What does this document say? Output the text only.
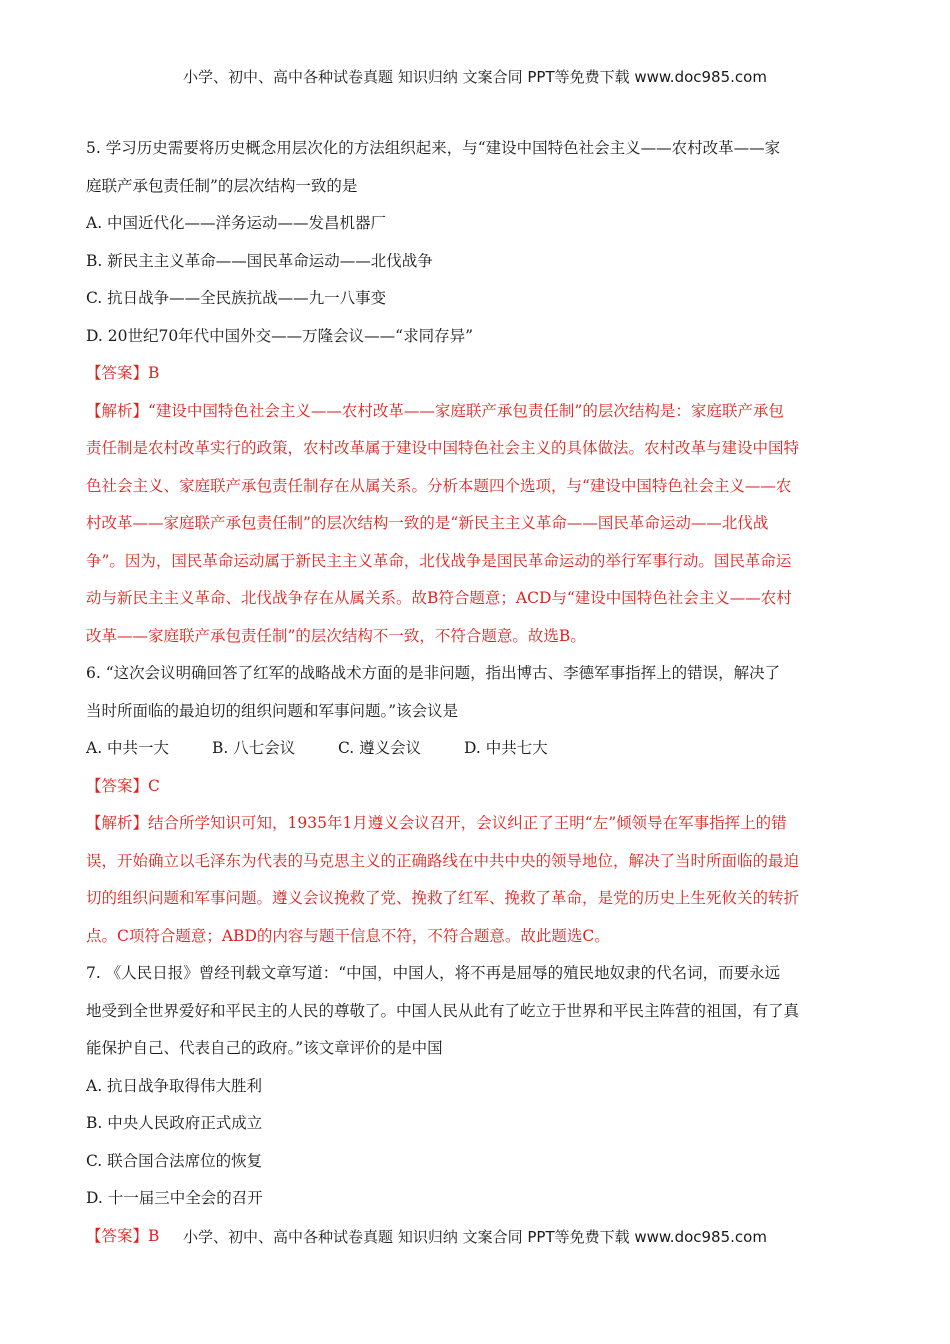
小学、初中、高中各种试卷真题 知识归纳 文案合同 PPT等免费下载 www.doc985.com
5. 学习历史需要将历史概念用层次化的方法组织起来，与“建设中国特色社会主义——农村改革——家
庭联产承包责任制”的层次结构一致的是
A. 中国近代化——洋务运动——发昌机器厂
B. 新民主主义革命——国民革命运动——北伐战争
C. 抗日战争——全民族抗战——九一八事变
D. 20世纪70年代中国外交——万隆会议——“求同存异”
【答案】B
【解析】“建设中国特色社会主义——农村改革——家庭联产承包责任制”的层次结构是：家庭联产承包
责任制是农村改革实行的政策，农村改革属于建设中国特色社会主义的具体做法。农村改革与建设中国特
色社会主义、家庭联产承包责任制存在从属关系。分析本题四个选项，与“建设中国特色社会主义——农
村改革——家庭联产承包责任制”的层次结构一致的是“新民主主义革命——国民革命运动——北伐战
争”。因为，国民革命运动属于新民主主义革命，北伐战争是国民革命运动的举行军事行动。国民革命运
动与新民主主义革命、北伐战争存在从属关系。故B符合题意；ACD与“建设中国特色社会主义——农村
改革——家庭联产承包责任制”的层次结构不一致，不符合题意。故选B。
6. “这次会议明确回答了红军的战略战术方面的是非问题，指出博古、李德军事指挥上的错误，解决了
当时所面临的最迫切的组织问题和军事问题。”该会议是
A. 中共一大	B. 八七会议	C. 遵义会议	D. 中共七大
【答案】C
【解析】结合所学知识可知，1935年1月遵义会议召开，会议纠正了王明“左”倾领导在军事指挥上的错
误，开始确立以毛泽东为代表的马克思主义的正确路线在中共中央的领导地位，解决了当时所面临的最迫
切的组织问题和军事问题。遵义会议挽救了党、挽救了红军、挽救了革命，是党的历史上生死攸关的转折
点。C项符合题意；ABD的内容与题干信息不符，不符合题意。故此题选C。
7. 《人民日报》曾经刊载文章写道：“中国，中国人，将不再是屈辱的殖民地奴隶的代名词，而要永远
地受到全世界爱好和平民主的人民的尊敬了。中国人民从此有了屹立于世界和平民主阵营的祖国，有了真
能保护自己、代表自己的政府。”该文章评价的是中国
A. 抗日战争取得伟大胜利
B. 中央人民政府正式成立
C. 联合国合法席位的恢复
D. 十一届三中全会的召开
【答案】B	小学、初中、高中各种试卷真题 知识归纳 文案合同 PPT等免费下载 www.doc985.com
